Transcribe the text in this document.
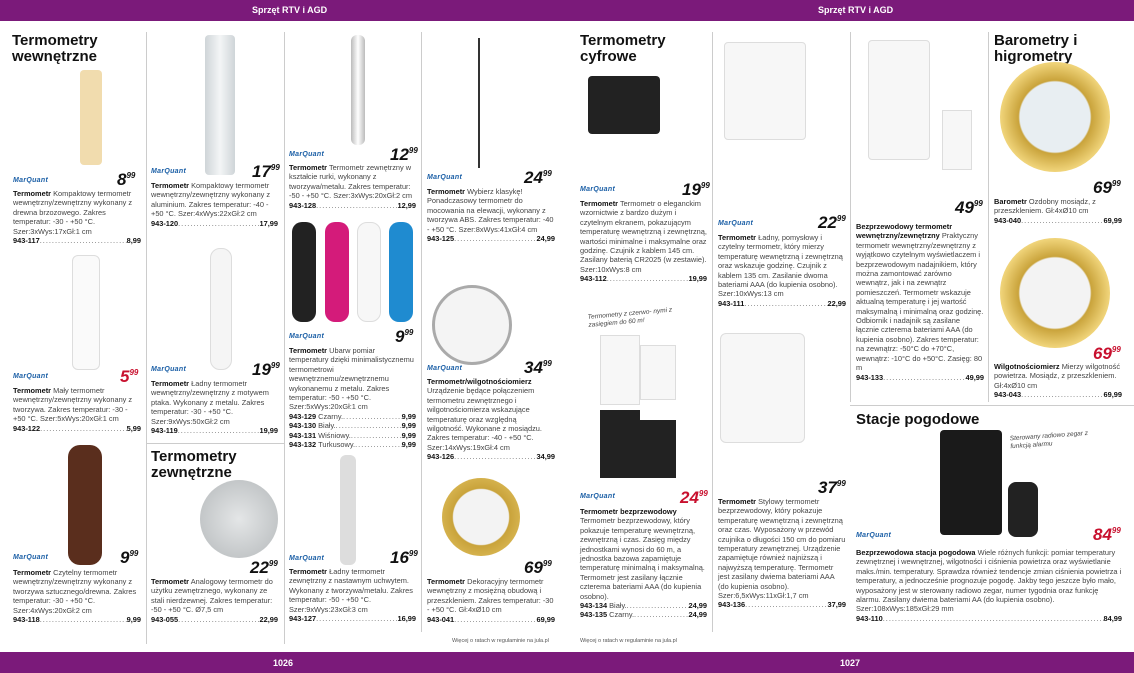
Sprzęt RTV i AGD	Sprzęt RTV i AGD
Termometry wewnętrzne
Termometry zewnętrzne
Termometry cyfrowe
Barometry i higrometry
Stacje pogodowe
Termometry z czerwo- nymi z zasięgiem do 60 m!
Sterowany radiowo zegar z funkcją alarmu
MarQuant
MarQuant
MarQuant
MarQuant
MarQuant
MarQuant
MarQuant
MarQuant
MarQuant	MarQuant
MarQuant
MarQuant
MarQuant
MarQuant
$8^{99}$	$17^{99}$
$12^{99}$
$24^{99}$
$5^{99}$	$19^{99}$
$9^{99}$
$34^{99}$
$9^{99}$
$22^{99}$	$16^{99}$
$69^{99}$
$19^{99}$
$24^{99}$
$22^{99}$
$37^{99}$
$49^{99}$
$69^{99}$
$69^{99}$
$84^{99}$
Termometr Kompaktowy termometr wewnętrzny/zewnętrzny wykonany z drewna brzozowego. Zakres temperatur: -30 - +50 °C. Szer:3xWys:17xGł:1 cm
943-117 .....	8,99
Termometr Kompaktowy termometr wewnętrzny/zewnętrzny wykonany z aluminium. Zakres temperatur: -40 - +50 °C. Szer:4xWys:22xGł:2 cm
943-120 .....	17,99
Termometr Termometr zewnętrzny w kształcie rurki, wykonany z tworzywa/metalu. Zakres temperatur: -50 - +50 °C. Szer:3xWys:20xGł:2 cm
943-128 .....	12,99
Termometr Wybierz klasykę! Ponadczasowy termometr do mocowania na elewacji, wykonany z tworzywa ABS. Zakres temperatur: -40 - +50 °C. Szer:8xWys:41xGł:4 cm
943-125 .....	24,99
Termometr Mały termometr wewnętrzny/zewnętrzny wykonany z tworzywa. Zakres temperatur: -30 - +50 °C. Szer:5xWys:20xGł:1 cm
943-122 .....	5,99
Termometr Ładny termometr wewnętrzny/zewnętrzny z motywem ptaka. Wykonany z metalu. Zakres temperatur: -30 - +50 °C. Szer:9xWys:50xGł:2 cm
943-119 .....	19,99
Termometr Ubarw pomiar temperatury dzięki minimalistycznemu termometrowi wewnętrznemu/zewnętrznemu wykonanemu z metalu. Zakres temperatur: -50 - +50 °C. Szer:5xWys:20xGł:1 cm
943-129 Czarny. .....	9,99
943-130 Biały. .....	9,99
943-131 Wiśniowy. .....	9,99
943-132 Turkusowy. .....	9,99
Termometr/wilgotnościomierz
Urządzenie będące połączeniem termometru zewnętrznego i wilgotnościomierza wskazujące temperaturę oraz względną wilgotność. Wykonane z mosiądzu. Zakres temperatur: -40 - +50 °C. Szer:14xWys:19xGł:4 cm
943-126 .....	34,99
Termometr Czytelny termometr wewnętrzny/zewnętrzny wykonany z tworzywa sztucznego/drewna. Zakres temperatur: -30 - +50 °C. Szer:4xWys:20xGł:2 cm
943-118 .....	9,99
Termometr Analogowy termometr do użytku zewnętrznego, wykonany ze stali nierdzewnej. Zakres temperatur: -50 - +50 °C. Ø7,5 cm
943-055 .....	22,99
Termometr Ładny termometr zewnętrzny z nastawnym uchwytem. Wykonany z tworzywa/metalu. Zakres temperatur: -50 - +50 °C. Szer:9xWys:23xGł:3 cm
943-127 .....	16,99
Termometr Dekoracyjny termometr wewnętrzny z mosiężną obudową i przeszkleniem. Zakres temperatur: -30 - +50 °C. Gł:4xØ10 cm
943-041 .....	69,99
Termometr Termometr o eleganckim wzornictwie z bardzo dużym i czytelnym ekranem, pokazującym temperaturę wewnętrzną i zewnętrzną, wartości minimalne i maksymalne oraz godzinę. Czujnik z kablem 145 cm. Zasilany baterią CR2025 (w zestawie). Szer:10xWys:8 cm
943-112 .....	19,99
Termometr bezprzewodowy
Termometr bezprzewodowy, który pokazuje temperaturę wewnętrzną, zewnętrzną i czas. Zasięg między jednostkami wynosi do 60 m, a jednostka bazowa zapamiętuje temperaturę minimalną i maksymalną. Termometr jest zasilany łącznie czterema bateriami AAA (do kupienia osobno).
943-134 Biały. .....	24,99
943-135 Czarny. .....	24,99
Termometr Ładny, pomysłowy i czytelny termometr, który mierzy temperaturę wewnętrzną i zewnętrzną oraz wskazuje godzinę. Czujnik z kablem 135 cm. Zasilanie dwoma bateriami AAA (do kupienia osobno). Szer:10xWys:13 cm
943-111 .....	22,99
Termometr Stylowy termometr bezprzewodowy, który pokazuje temperaturę wewnętrzną i zewnętrzną oraz czas. Wyposażony w przewód czujnika o długości 150 cm do pomiaru temperatury zewnętrznej. Urządzenie zapamiętuje również najniższą i najwyższą temperaturę. Termometr jest zasilany dwiema bateriami AAA (do kupienia osobno). Szer:6,5xWys:11xGł:1,7 cm
943-136 .....	37,99
Bezprzewodowy termometr wewnętrzny/zewnętrzny Praktyczny termometr wewnętrzny/zewnętrzny z wyjątkowo czytelnym wyświetlaczem i bezprzewodowym nadajnikiem, który można zamontować zarówno wewnątrz, jak i na zewnątrz pomieszczeń. Termometr wskazuje aktualną temperaturę i jej wartość maksymalną i minimalną oraz godzinę. Odbiornik i nadajnik są zasilane łącznie czterema bateriami AAA (do kupienia osobno). Zakres temperatur: na zewnątrz: -50°C do +70°C, wewnątrz: -10°C do +50°C. Zasięg: 80 m
943-133 .....	49,99
Barometr Ozdobny mosiądz, z przeszkleniem. Gł:4xØ10 cm
943-040 .....	69,99
Wilgotnościomierz Mierzy wilgotność powietrza. Mosiądz, z przeszkleniem. Gł:4xØ10 cm
943-043 .....	69,99
Bezprzewodowa stacja pogodowa Wiele różnych funkcji: pomiar temperatury zewnętrznej i wewnętrznej, wilgotności i ciśnienia powietrza oraz wyświetlanie maks./min. temperatury. Sprawdza również tendencje zmian ciśnienia powietrza i temperatury, a jednocześnie prognozuje pogodę. Jakby tego jeszcze było mało, wyposażony jest w sterowany radiowo zegar, numer tygodnia oraz funkcję alarmu. Zasilany dwiema bateriami AA (do kupienia osobno). Szer:108xWys:185xGł:29 mm
943-110 .....	84,99
Więcej o ratach w regulaminie na jula.pl	Więcej o ratach w regulaminie na jula.pl
1026	1027
